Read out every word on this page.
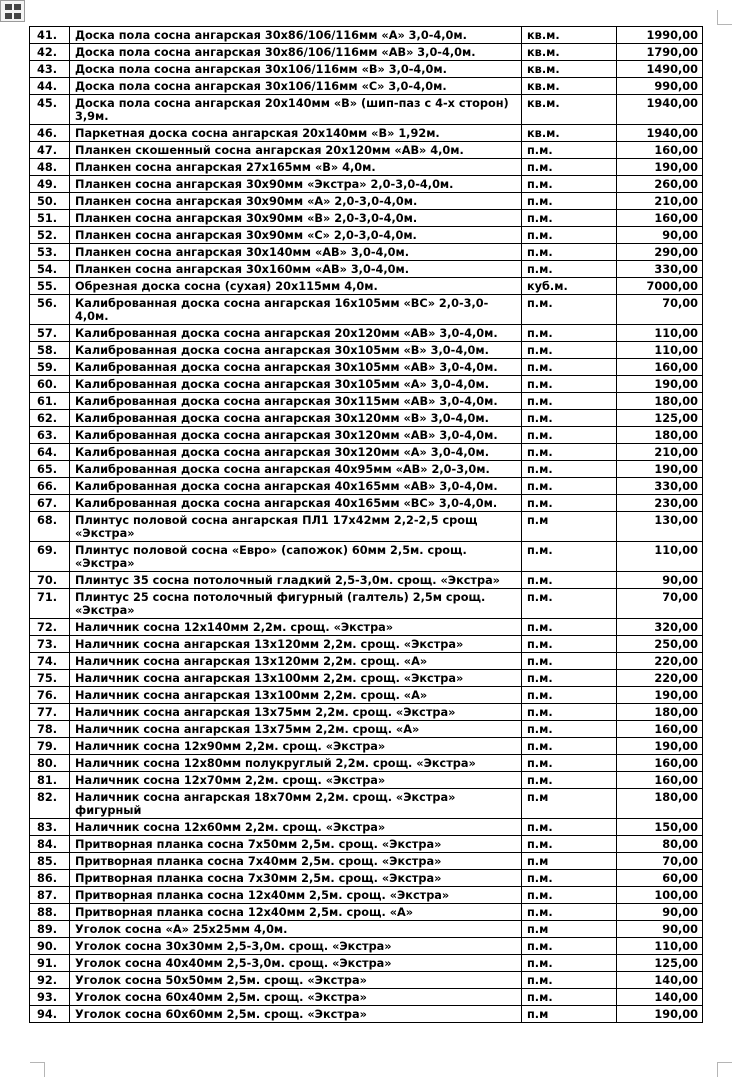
41.	Доска пола сосна ангарская 30х86/106/116мм «А» 3,0-4,0м.	кв.м.	1990,00
42.	Доска пола сосна ангарская 30х86/106/116мм «АВ» 3,0-4,0м.	кв.м.	1790,00
43.	Доска пола сосна ангарская 30х106/116мм «В» 3,0-4,0м.	кв.м.	1490,00
44.	Доска пола сосна ангарская 30х106/116мм «С» 3,0-4,0м.	кв.м.	990,00
45.	Доска пола сосна ангарская 20х140мм «В» (шип-паз с 4-х сторон) 3,9м.	кв.м.	1940,00
46.	Паркетная доска сосна ангарская 20х140мм «В» 1,92м.	кв.м.	1940,00
47.	Планкен скошенный сосна ангарская 20х120мм «АВ» 4,0м.	п.м.	160,00
48.	Планкен сосна ангарская 27х165мм «В» 4,0м.	п.м.	190,00
49.	Планкен сосна ангарская 30х90мм «Экстра» 2,0-3,0-4,0м.	п.м.	260,00
50.	Планкен сосна ангарская 30х90мм «А» 2,0-3,0-4,0м.	п.м.	210,00
51.	Планкен сосна ангарская 30х90мм «В» 2,0-3,0-4,0м.	п.м.	160,00
52.	Планкен сосна ангарская 30х90мм «С» 2,0-3,0-4,0м.	п.м.	90,00
53.	Планкен сосна ангарская 30х140мм «АВ» 3,0-4,0м.	п.м.	290,00
54.	Планкен сосна ангарская 30х160мм «АВ» 3,0-4,0м.	п.м.	330,00
55.	Обрезная доска сосна (сухая) 20х115мм 4,0м.	куб.м.	7000,00
56.	Калиброванная доска сосна ангарская 16х105мм «ВС» 2,0-3,0-4,0м.	п.м.	70,00
57.	Калиброванная доска сосна ангарская 20х120мм «АВ» 3,0-4,0м.	п.м.	110,00
58.	Калиброванная доска сосна ангарская 30х105мм «В» 3,0-4,0м.	п.м.	110,00
59.	Калиброванная доска сосна ангарская 30х105мм «АВ» 3,0-4,0м.	п.м.	160,00
60.	Калиброванная доска сосна ангарская 30х105мм «А» 3,0-4,0м.	п.м.	190,00
61.	Калиброванная доска сосна ангарская 30х115мм «АВ» 3,0-4,0м.	п.м.	180,00
62.	Калиброванная доска сосна ангарская 30х120мм «В» 3,0-4,0м.	п.м.	125,00
63.	Калиброванная доска сосна ангарская 30х120мм «АВ» 3,0-4,0м.	п.м.	180,00
64.	Калиброванная доска сосна ангарская 30х120мм «А» 3,0-4,0м.	п.м.	210,00
65.	Калиброванная доска сосна ангарская 40х95мм «АВ» 2,0-3,0м.	п.м.	190,00
66.	Калиброванная доска сосна ангарская 40х165мм «АВ» 3,0-4,0м.	п.м.	330,00
67.	Калиброванная доска сосна ангарская 40х165мм «ВС» 3,0-4,0м.	п.м.	230,00
68.	Плинтус половой сосна ангарская ПЛ1 17х42мм 2,2-2,5 срощ «Экстра»	п.м	130,00
69.	Плинтус половой сосна «Евро» (сапожок) 60мм 2,5м. срощ. «Экстра»	п.м.	110,00
70.	Плинтус 35 сосна потолочный гладкий 2,5-3,0м. срощ. «Экстра»	п.м.	90,00
71.	Плинтус 25 сосна потолочный фигурный (галтель) 2,5м срощ. «Экстра»	п.м.	70,00
72.	Наличник сосна 12х140мм 2,2м. срощ. «Экстра»	п.м.	320,00
73.	Наличник сосна ангарская 13х120мм 2,2м. срощ. «Экстра»	п.м.	250,00
74.	Наличник сосна ангарская 13х120мм 2,2м. срощ. «А»	п.м.	220,00
75.	Наличник сосна ангарская 13х100мм 2,2м. срощ. «Экстра»	п.м.	220,00
76.	Наличник сосна ангарская 13х100мм 2,2м. срощ. «А»	п.м.	190,00
77.	Наличник сосна ангарская 13х75мм 2,2м. срощ. «Экстра»	п.м.	180,00
78.	Наличник сосна ангарская 13х75мм 2,2м. срощ. «А»	п.м.	160,00
79.	Наличник сосна 12х90мм 2,2м. срощ. «Экстра»	п.м.	190,00
80.	Наличник сосна 12х80мм полукруглый 2,2м. срощ. «Экстра»	п.м.	160,00
81.	Наличник сосна 12х70мм 2,2м. срощ. «Экстра»	п.м.	160,00
82.	Наличник сосна ангарская 18х70мм 2,2м. срощ. «Экстра» фигурный	п.м	180,00
83.	Наличник сосна 12х60мм 2,2м. срощ. «Экстра»	п.м.	150,00
84.	Притворная планка сосна 7х50мм 2,5м. срощ. «Экстра»	п.м.	80,00
85.	Притворная планка сосна 7х40мм 2,5м. срощ. «Экстра»	п.м	70,00
86.	Притворная планка сосна 7х30мм 2,5м. срощ. «Экстра»	п.м.	60,00
87.	Притворная планка сосна 12х40мм 2,5м. срощ. «Экстра»	п.м.	100,00
88.	Притворная планка сосна 12х40мм 2,5м. срощ. «А»	п.м.	90,00
89.	Уголок сосна «А» 25х25мм 4,0м.	п.м	90,00
90.	Уголок сосна 30х30мм 2,5-3,0м. срощ. «Экстра»	п.м.	110,00
91.	Уголок сосна 40х40мм 2,5-3,0м. срощ. «Экстра»	п.м.	125,00
92.	Уголок сосна 50х50мм 2,5м. срощ. «Экстра»	п.м.	140,00
93.	Уголок сосна 60х40мм 2,5м. срощ. «Экстра»	п.м.	140,00
94.	Уголок сосна 60х60мм 2,5м. срощ. «Экстра»	п.м	190,00
